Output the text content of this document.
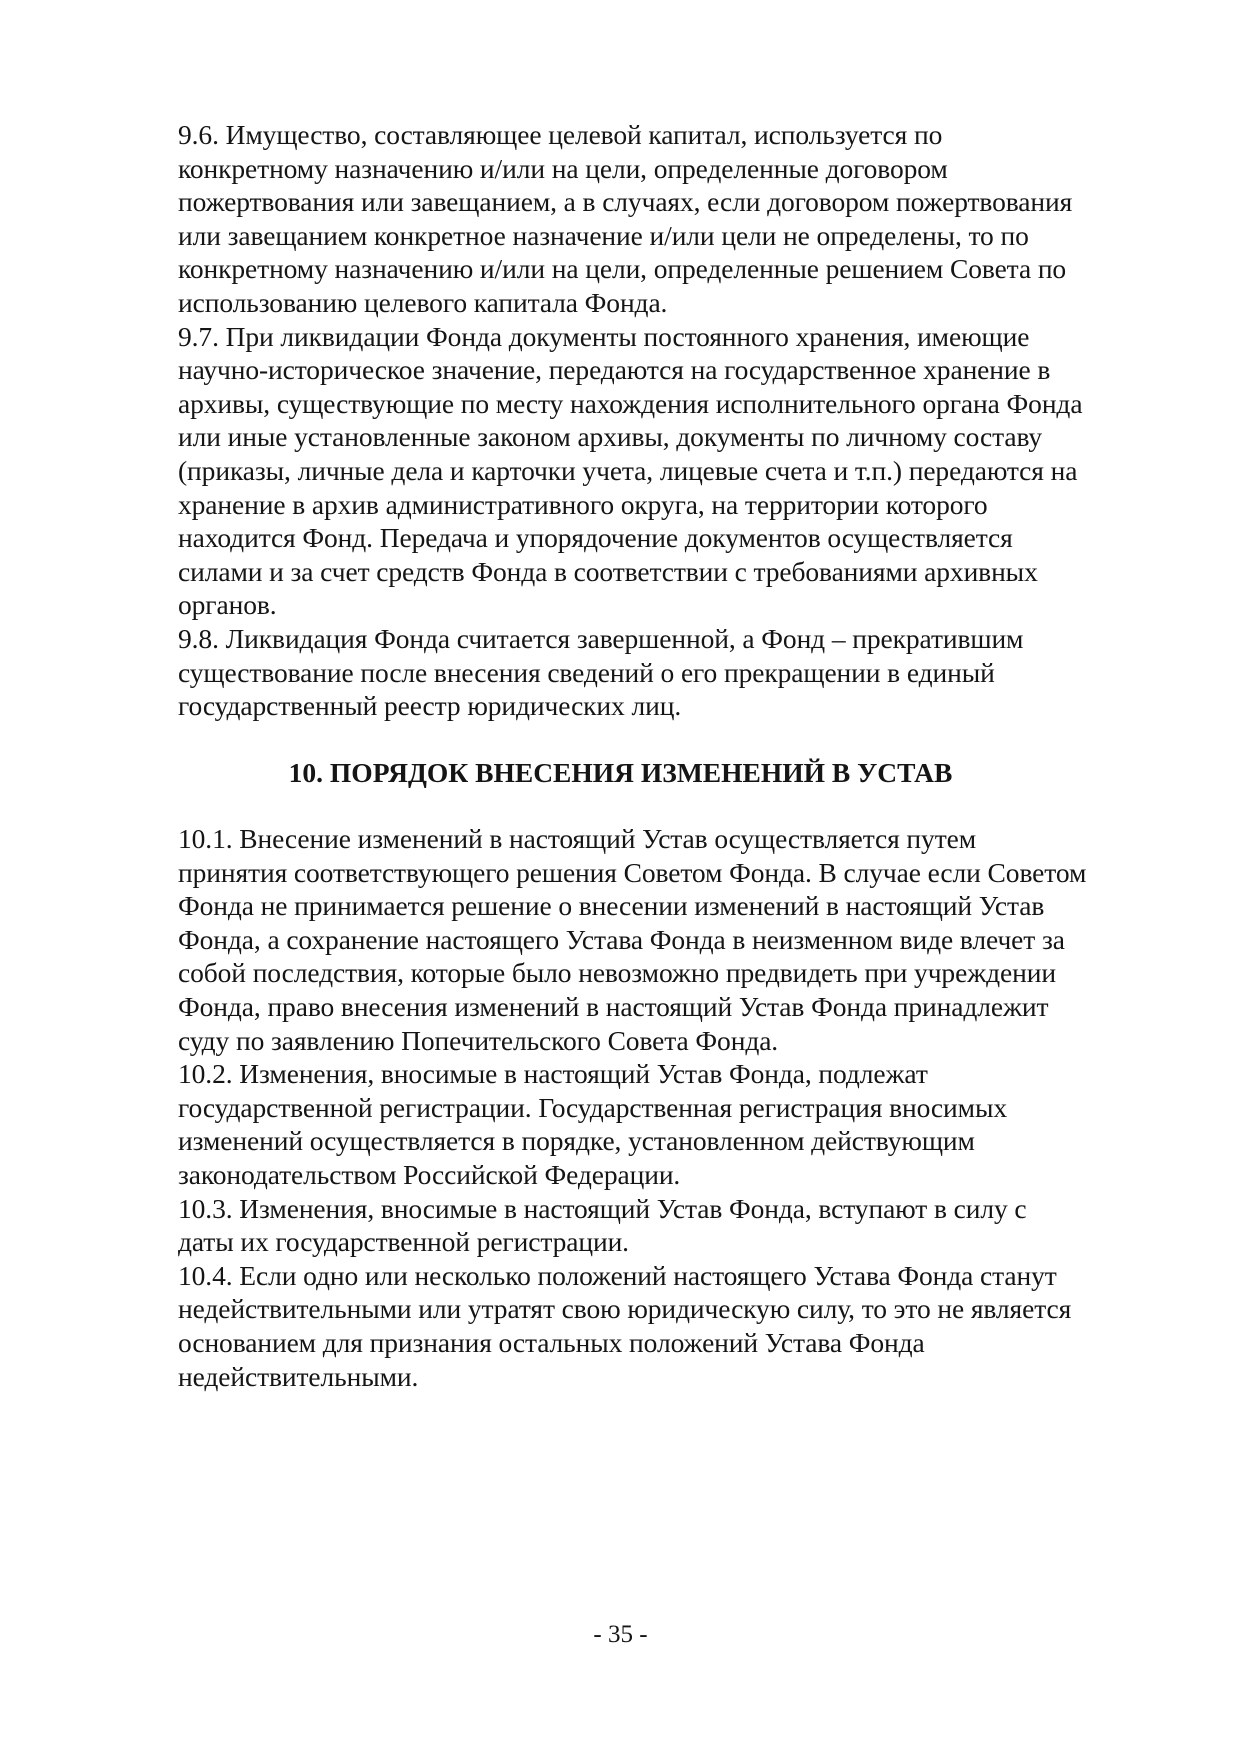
9.6. Имущество, составляющее целевой капитал, используется по
конкретному назначению и/или на цели, определенные договором
пожертвования или завещанием, а в случаях, если договором пожертвования
или завещанием конкретное назначение и/или цели не определены, то по
конкретному назначению и/или на цели, определенные решением Совета по
использованию целевого капитала Фонда.
9.7. При ликвидации Фонда документы постоянного хранения, имеющие
научно-историческое значение, передаются на государственное хранение в
архивы, существующие по месту нахождения исполнительного органа Фонда
или иные установленные законом архивы, документы по личному составу
(приказы, личные дела и карточки учета, лицевые счета и т.п.) передаются на
хранение в архив административного округа, на территории которого
находится Фонд. Передача и упорядочение документов осуществляется
силами и за счет средств Фонда в соответствии с требованиями архивных
органов.
9.8. Ликвидация Фонда считается завершенной, а Фонд – прекратившим
существование после внесения сведений о его прекращении в единый
государственный реестр юридических лиц.
10. ПОРЯДОК ВНЕСЕНИЯ ИЗМЕНЕНИЙ В УСТАВ
10.1. Внесение изменений в настоящий Устав осуществляется путем
принятия соответствующего решения Советом Фонда. В случае если Советом
Фонда не принимается решение о внесении изменений в настоящий Устав
Фонда, а сохранение настоящего Устава Фонда в неизменном виде влечет за
собой последствия, которые было невозможно предвидеть при учреждении
Фонда, право внесения изменений в настоящий Устав Фонда принадлежит
суду по заявлению Попечительского Совета Фонда.
10.2. Изменения, вносимые в настоящий Устав Фонда, подлежат
государственной регистрации. Государственная регистрация вносимых
изменений осуществляется в порядке, установленном действующим
законодательством Российской Федерации.
10.3. Изменения, вносимые в настоящий Устав Фонда, вступают в силу с
даты их государственной регистрации.
10.4. Если одно или несколько положений настоящего Устава Фонда станут
недействительными или утратят свою юридическую силу, то это не является
основанием для признания остальных положений Устава Фонда
недействительными.
- 35 -
